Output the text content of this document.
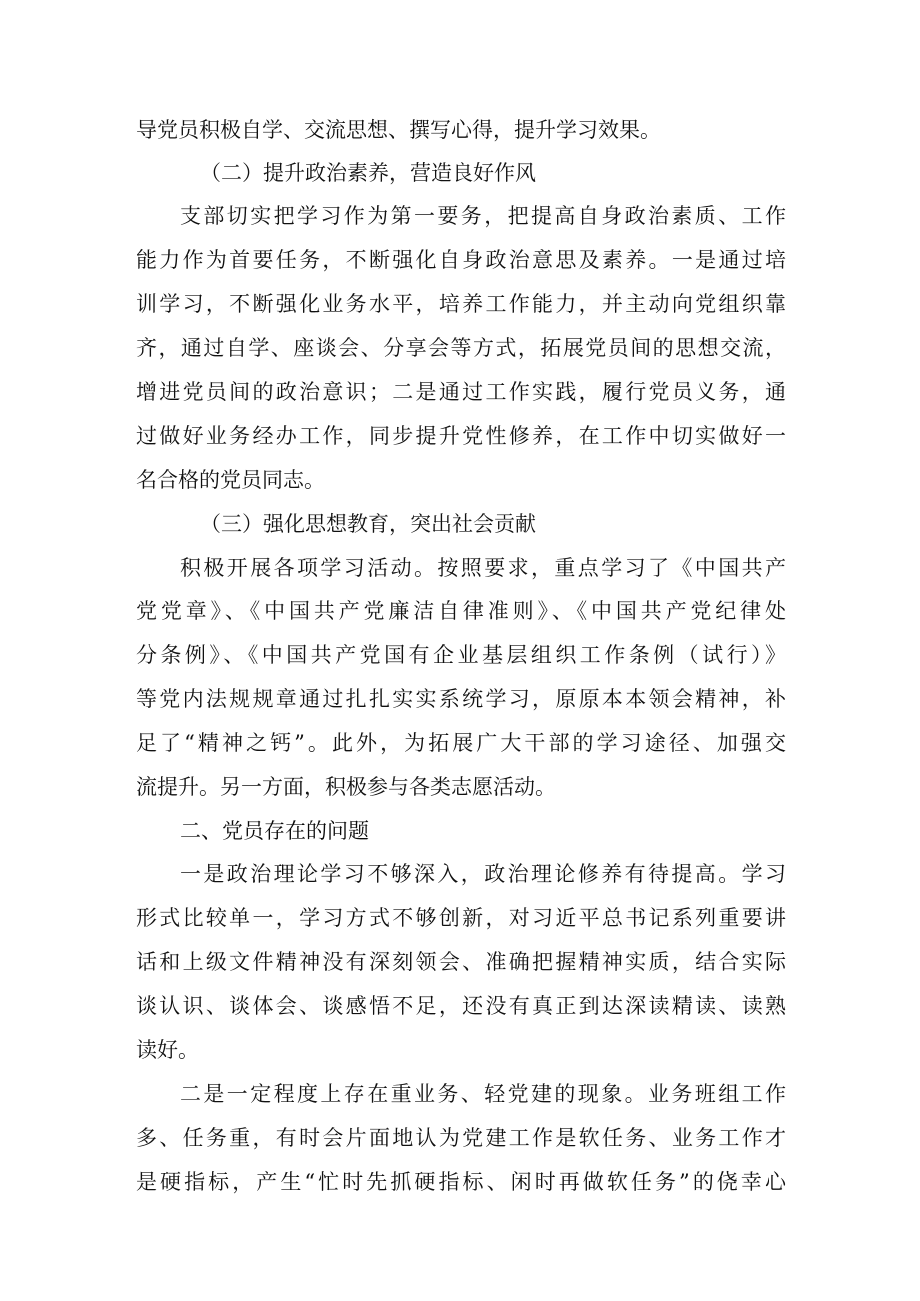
导党员积极自学、交流思想、撰写心得，提升学习效果。
（二）提升政治素养，营造良好作风
支部切实把学习作为第一要务，把提高自身政治素质、工作
能力作为首要任务，不断强化自身政治意思及素养。一是通过培
训学习，不断强化业务水平，培养工作能力，并主动向党组织靠
齐，通过自学、座谈会、分享会等方式，拓展党员间的思想交流，
增进党员间的政治意识；二是通过工作实践，履行党员义务，通
过做好业务经办工作，同步提升党性修养，在工作中切实做好一
名合格的党员同志。
（三）强化思想教育，突出社会贡献
积极开展各项学习活动。按照要求，重点学习了《中国共产
党党章》、《中国共产党廉洁自律准则》、《中国共产党纪律处
分条例》、《中国共产党国有企业基层组织工作条例（试行）》
等党内法规规章通过扎扎实实系统学习，原原本本领会精神，补
足了“精神之钙”。此外，为拓展广大干部的学习途径、加强交
流提升。另一方面，积极参与各类志愿活动。
二、党员存在的问题
一是政治理论学习不够深入，政治理论修养有待提高。学习
形式比较单一，学习方式不够创新，对习近平总书记系列重要讲
话和上级文件精神没有深刻领会、准确把握精神实质，结合实际
谈认识、谈体会、谈感悟不足，还没有真正到达深读精读、读熟
读好。
二是一定程度上存在重业务、轻党建的现象。业务班组工作
多、任务重，有时会片面地认为党建工作是软任务、业务工作才
是硬指标，产生“忙时先抓硬指标、闲时再做软任务”的侥幸心
